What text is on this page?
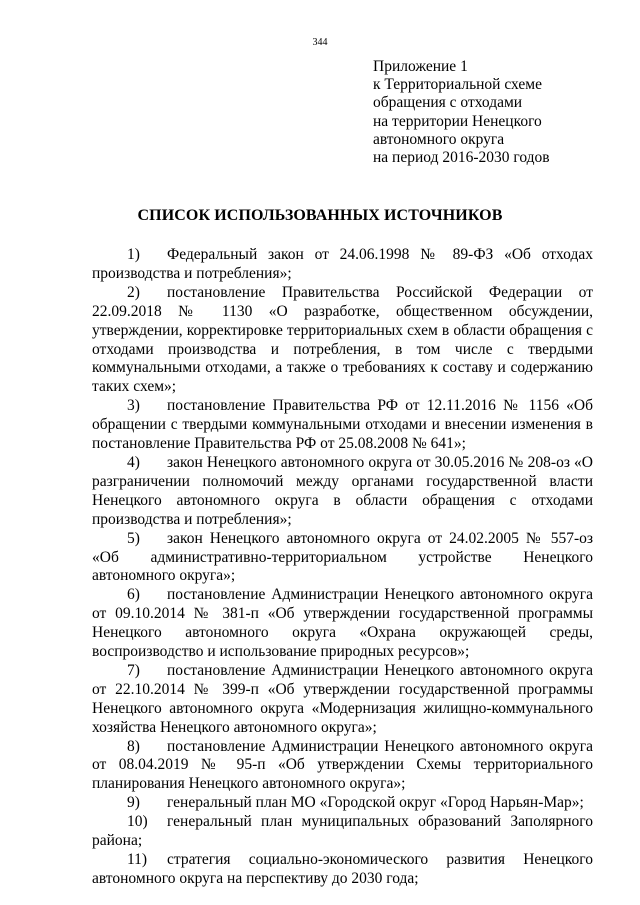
344
Приложение 1
к Территориальной схеме
обращения с отходами
на территории Ненецкого
автономного округа
на период 2016-2030 годов
СПИСОК ИСПОЛЬЗОВАННЫХ ИСТОЧНИКОВ

1) Федеральный закон от 24.06.1998 № 89-ФЗ «Об отходах производства и потребления»;

2) постановление Правительства Российской Федерации от 22.09.2018 № 1130 «О разработке, общественном обсуждении, утверждении, корректировке территориальных схем в области обращения с отходами производства и потребления, в том числе с твердыми коммунальными отходами, а также о требованиях к составу и содержанию таких схем»;

3) постановление Правительства РФ от 12.11.2016 № 1156 «Об обращении с твердыми коммунальными отходами и внесении изменения в постановление Правительства РФ от 25.08.2008 № 641»;

4) закон Ненецкого автономного округа от 30.05.2016 № 208-оз «О разграничении полномочий между органами государственной власти Ненецкого автономного округа в области обращения с отходами производства и потребления»;

5) закон Ненецкого автономного округа от 24.02.2005 № 557-оз «Об административно-территориальном устройстве Ненецкого автономного округа»;

6) постановление Администрации Ненецкого автономного округа от 09.10.2014 № 381-п «Об утверждении государственной программы Ненецкого автономного округа «Охрана окружающей среды, воспроизводство и использование природных ресурсов»;

7) постановление Администрации Ненецкого автономного округа от 22.10.2014 № 399-п «Об утверждении государственной программы Ненецкого автономного округа «Модернизация жилищно-коммунального хозяйства Ненецкого автономного округа»;

8) постановление Администрации Ненецкого автономного округа от 08.04.2019 № 95-п «Об утверждении Схемы территориального планирования Ненецкого автономного округа»;

9) генеральный план МО «Городской округ «Город Нарьян-Мар»;

10) генеральный план муниципальных образований Заполярного района;

11) стратегия социально-экономического развития Ненецкого автономного округа на перспективу до 2030 года;
